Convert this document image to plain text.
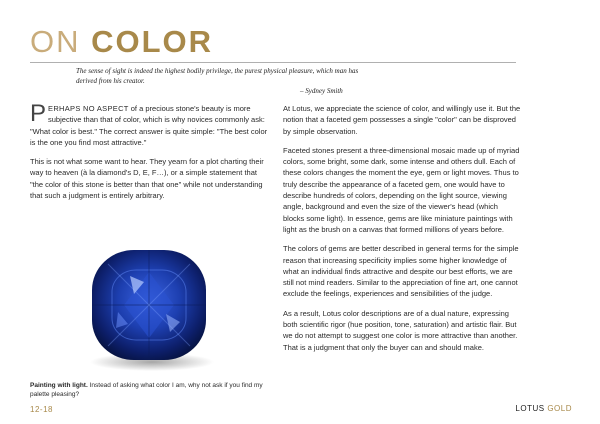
ON COLOR
The sense of sight is indeed the highest bodily privilege, the purest physical pleasure, which man has derived from his creator.
– Sydney Smith

PERHAPS NO ASPECT of a precious stone's beauty is more subjective than that of color, which is why novices commonly ask: "What color is best." The correct answer is quite simple: "The best color is the one you find most attractive."

This is not what some want to hear. They yearn for a plot charting their way to heaven (à la diamond's D, E, F…), or a simple statement that "the color of this stone is better than that one" while not understanding that such a judgment is entirely arbitrary.

Painting with light. Instead of asking what color I am, why not ask if you find my palette pleasing?

At Lotus, we appreciate the science of color, and willingly use it. But the notion that a faceted gem possesses a single "color" can be disproved by simple observation.

Faceted stones present a three-dimensional mosaic made up of myriad colors, some bright, some dark, some intense and others dull. Each of these colors changes the moment the eye, gem or light moves. Thus to truly describe the appearance of a faceted gem, one would have to describe hundreds of colors, depending on the light source, viewing angle, background and even the size of the viewer's head (which blocks some light). In essence, gems are like miniature paintings with light as the brush on a canvas that formed millions of years before.

The colors of gems are better described in general terms for the simple reason that increasing specificity implies some higher knowledge of what an individual finds attractive and despite our best efforts, we are still not mind readers. Similar to the appreciation of fine art, one cannot exclude the feelings, experiences and sensibilities of the judge.

As a result, Lotus color descriptions are of a dual nature, expressing both scientific rigor (hue position, tone, saturation) and artistic flair. But we do not attempt to suggest one color is more attractive than another. That is a judgment that only the buyer can and should make.

12-18	LOTUS GOLD
